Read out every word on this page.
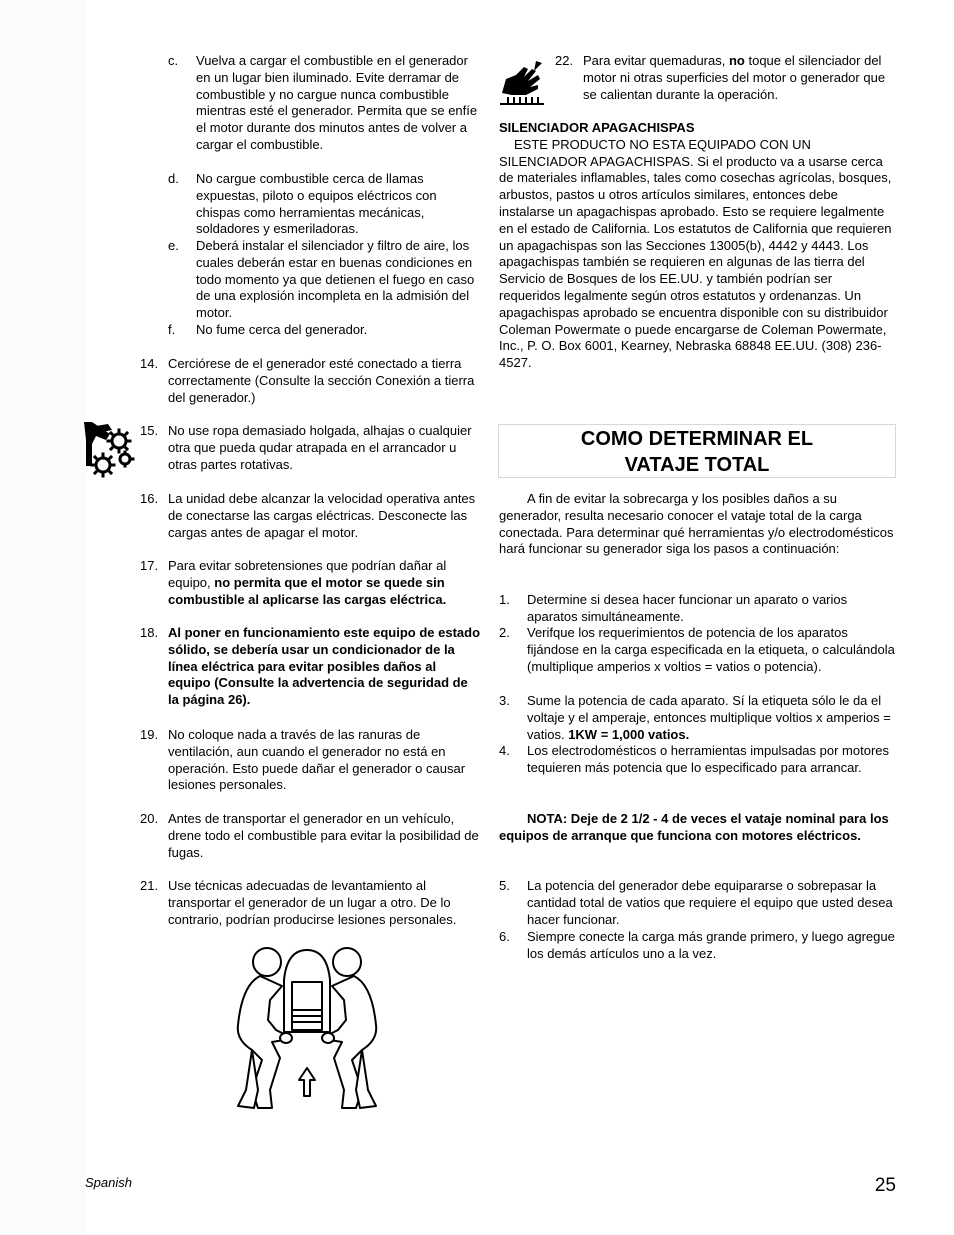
c. Vuelva a cargar el combustible en el generador en un lugar bien iluminado. Evite derramar de combustible y no cargue nunca combustible mientras esté el generador. Permita que se enfíe el motor durante dos minutos antes de volver a cargar el combustible.
d. No cargue combustible cerca de llamas expuestas, piloto o equipos eléctricos con chispas como herramientas mecánicas, soldadores y esmeriladoras.
e. Deberá instalar el silenciador y filtro de aire, los cuales deberán estar en buenas condiciones en todo momento ya que detienen el fuego en caso de una explosión incompleta en la admisión del motor.
f. No fume cerca del generador.
14. Cerciórese de el generador esté conectado a tierra correctamente (Consulte la sección Conexión a tierra del generador.)
15. No use ropa demasiado holgada, alhajas o cualquier otra que pueda qudar atrapada en el arrancador u otras partes rotativas.
16. La unidad debe alcanzar la velocidad operativa antes de conectarse las cargas eléctricas. Desconecte las cargas antes de apagar el motor.
17. Para evitar sobretensiones que podrían dañar al equipo, no permita que el motor se quede sin combustible al aplicarse las cargas eléctrica.
18. Al poner en funcionamiento este equipo de estado sólido, se debería usar un condicionador de la línea eléctrica para evitar posibles daños al equipo (Consulte la advertencia de seguridad de la página 26).
19. No coloque nada a través de las ranuras de ventilación, aun cuando el generador no está en operación. Esto puede dañar el generador o causar lesiones personales.
20. Antes de transportar el generador en un vehículo, drene todo el combustible para evitar la posibilidad de fugas.
21. Use técnicas adecuadas de levantamiento al transportar el generador de un lugar a otro. De lo contrario, podrían producirse lesiones personales.
22. Para evitar quemaduras, no toque el silenciador del motor ni otras superficies del motor o generador que se calientan durante la operación.
SILENCIADOR APAGACHISPAS
ESTE PRODUCTO NO ESTA EQUIPADO CON UN SILENCIADOR APAGACHISPAS. Si el producto va a usarse cerca de materiales inflamables, tales como cosechas agrícolas, bosques, arbustos, pastos u otros artículos similares, entonces debe instalarse un apagachispas aprobado. Esto se requiere legalmente en el estado de California. Los estatutos de California que requieren un apagachispas son las Secciones 13005(b), 4442 y 4443. Los apagachispas también se requieren en algunas de las tierra del Servicio de Bosques de los EE.UU. y también podrían ser requeridos legalmente según otros estatutos y ordenanzas. Un apagachispas aprobado se encuentra disponible con su distribuidor Coleman Powermate o puede encargarse de Coleman Powermate, Inc., P. O. Box 6001, Kearney, Nebraska 68848 EE.UU. (308) 236-4527.
COMO DETERMINAR EL
VATAJE TOTAL
A fin de evitar la sobrecarga y los posibles daños a su generador, resulta necesario conocer el vataje total de la carga conectada. Para determinar qué herramientas y/o electrodomésticos hará funcionar su generador siga los pasos a continuación:
1. Determine si desea hacer funcionar un aparato o varios aparatos simultáneamente.
2. Verifque los requerimientos de potencia de los aparatos fijándose en la carga especificada en la etiqueta, o calculándola (multiplique amperios x voltios = vatios o potencia).
3. Sume la potencia de cada aparato. Sí la etiqueta sólo le da el voltaje y el amperaje, entonces multiplique voltios x amperios = vatios. 1KW = 1,000 vatios.
4. Los electrodomésticos o herramientas impulsadas por motores tequieren más potencia que lo especificado para arrancar.
NOTA: Deje de 2 1/2 - 4 de veces el vataje nominal para los equipos de arranque que funciona con motores eléctricos.
5. La potencia del generador debe equipararse o sobrepasar la cantidad total de vatios que requiere el equipo que usted desea hacer funcionar.
6. Siempre conecte la carga más grande primero, y luego agregue los demás artículos uno a la vez.
Spanish	25
